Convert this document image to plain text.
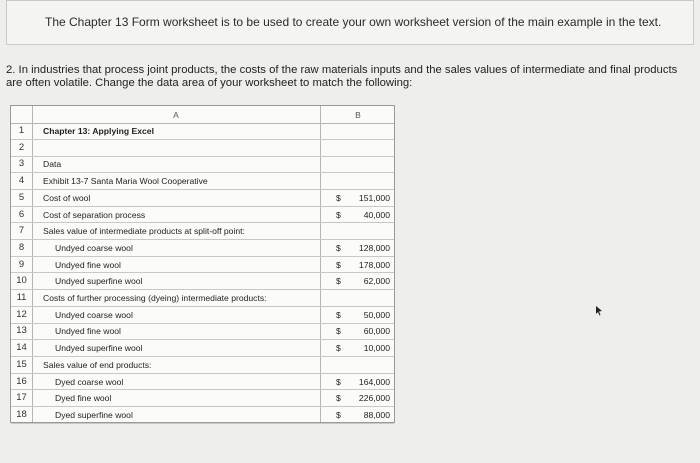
The Chapter 13 Form worksheet is to be used to create your own worksheet version of the main example in the text.
2. In industries that process joint products, the costs of the raw materials inputs and the sales values of intermediate and final products
are often volatile. Change the data area of your worksheet to match the following:
A	B
1	Chapter 13: Applying Excel
2
3	Data
4	Exhibit 13-7 Santa Maria Wool Cooperative
5	Cost of wool	$ 151,000
6	Cost of separation process	$	40,000
7	Sales value of intermediate products at split-off point:
8	Undyed coarse wool	$ 128,000
9	Undyed fine wool	$ 178,000
10	Undyed superfine wool	$	62,000
11	Costs of further processing (dyeing) intermediate products:
12	Undyed coarse wool	$	50,000
13	Undyed fine wool	$	60,000
14	Undyed superfine wool	$	10,000
15	Sales value of end products:
16	Dyed coarse wool	$ 164,000
17	Dyed fine wool	$ 226,000
18	Dyed superfine wool	$	88,000
